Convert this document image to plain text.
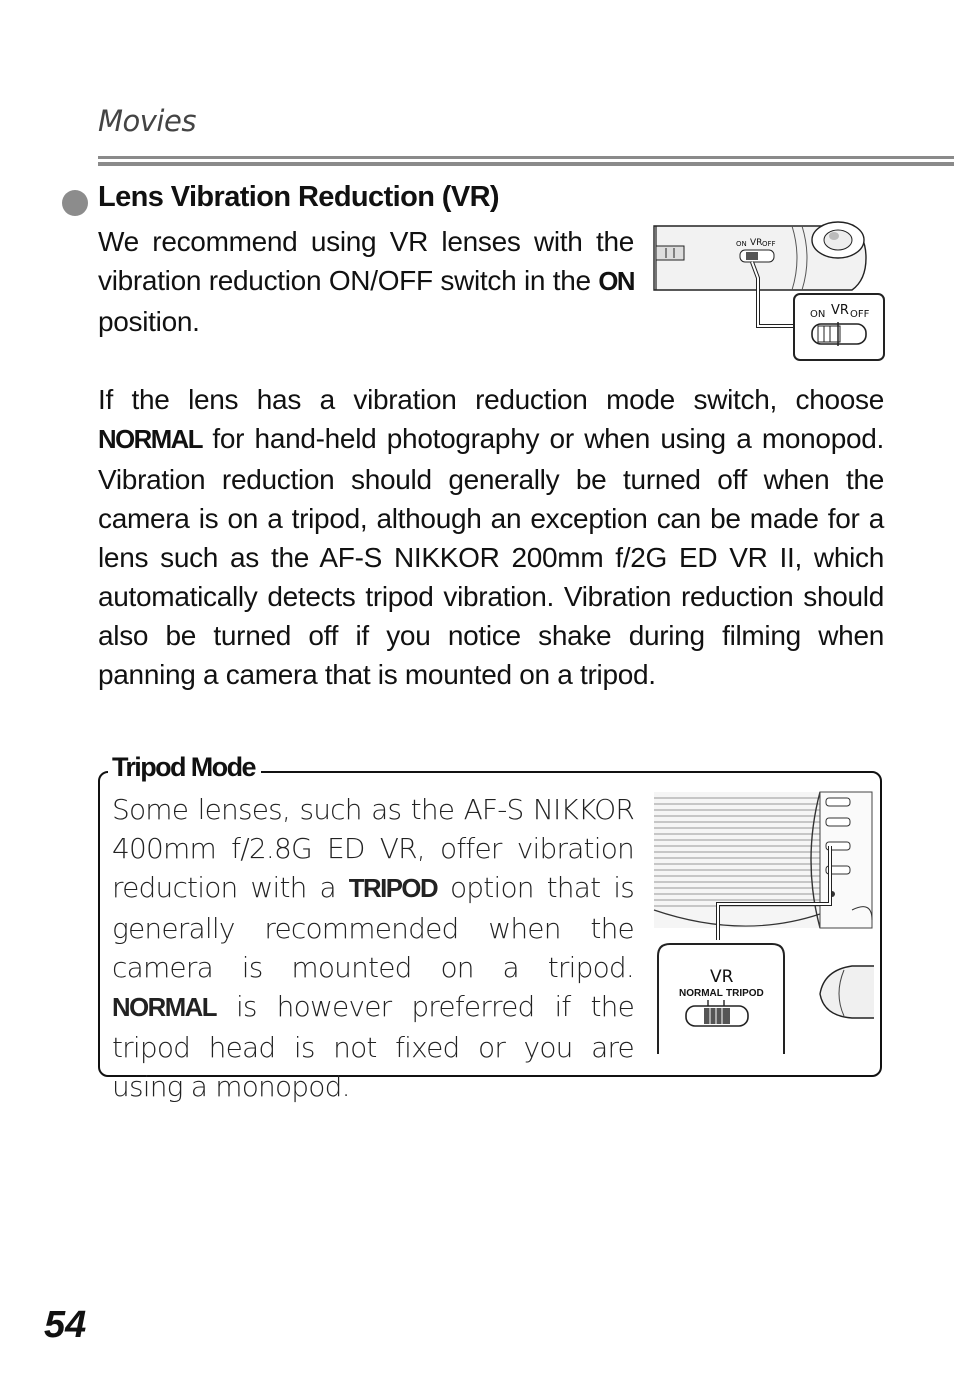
Movies
Lens Vibration Reduction (VR)
We recommend using VR lenses with the vibration reduction ON/OFF switch in the ON position.
ON VR OFF
ON VR OFF
If the lens has a vibration reduction mode switch, choose NORMAL for hand-held photography or when using a monopod. Vibration reduction should generally be turned off when the camera is on a tripod, although an exception can be made for a lens such as the AF-S NIKKOR 200mm f/2G ED VR II, which automatically detects tripod vibration. Vibration reduction should also be turned off if you notice shake during filming when panning a camera that is mounted on a tripod.
Tripod Mode
Some lenses, such as the AF-S NIKKOR 400mm f/2.8G ED VR, offer vibration reduction with a TRIPOD option that is generally recommended when the camera is mounted on a tripod. NORMAL is however preferred if the tripod head is not fixed or you are using a monopod.
VR
NORMAL TRIPOD
54
